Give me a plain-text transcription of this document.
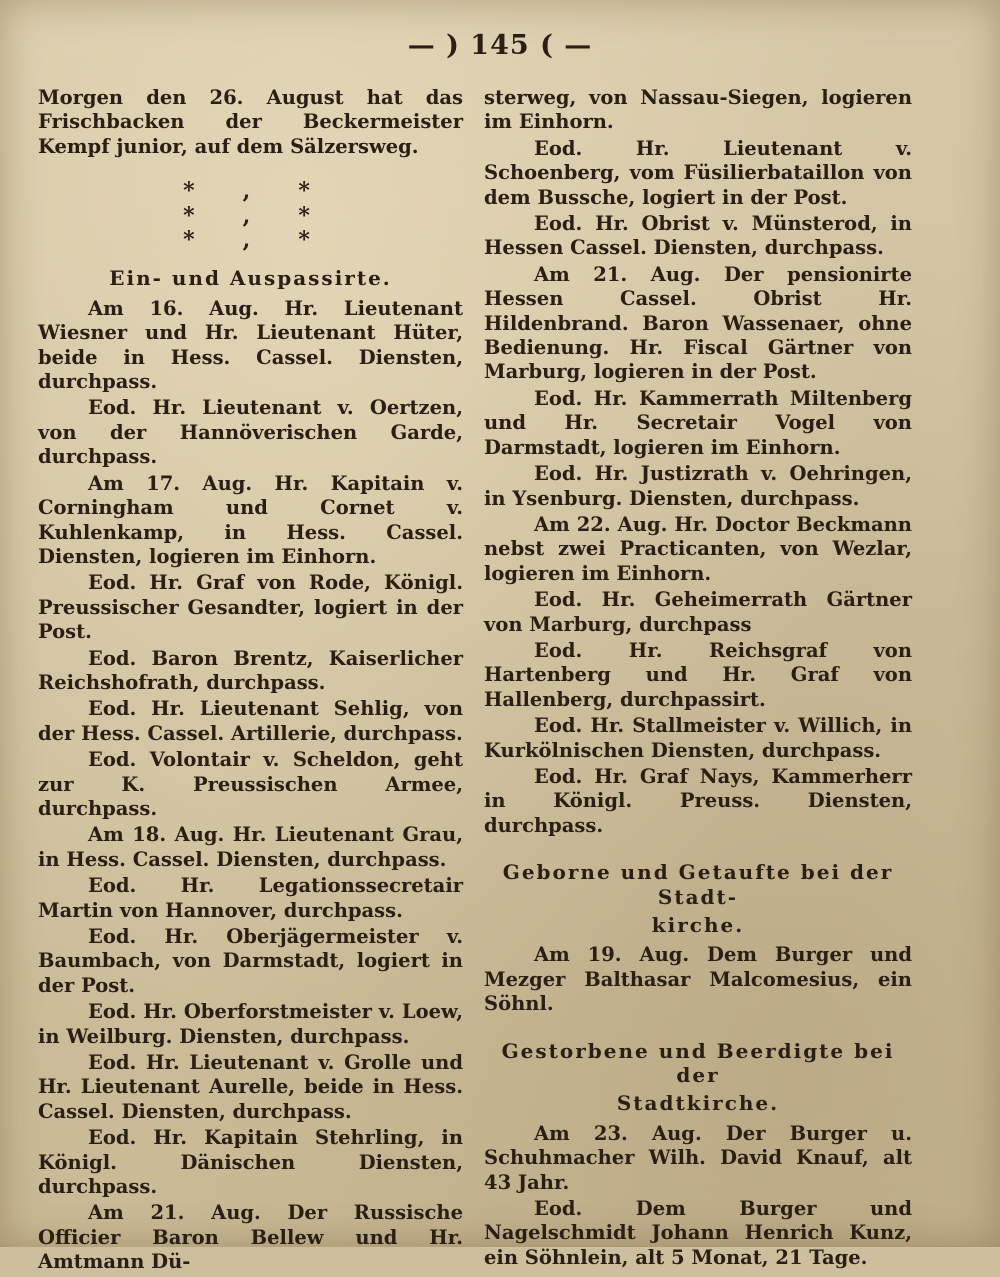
— ) 145 ( —

Morgen den 26. August hat das Frischbacken der Beckermeister Kempf junior, auf dem Sälzersweg.

*,* *,* *,*
Ein- und Auspassirte.

Am 16. Aug. Hr. Lieutenant Wiesner und Hr. Lieutenant Hüter, beide in Hess. Cassel. Diensten, durchpass.

Eod. Hr. Lieutenant v. Oertzen, von der Hannöverischen Garde, durchpass.

Am 17. Aug. Hr. Kapitain v. Corningham und Cornet v. Kuhlenkamp, in Hess. Cassel. Diensten, logieren im Einhorn.

Eod. Hr. Graf von Rode, Königl. Preussischer Gesandter, logiert in der Post.

Eod. Baron Brentz, Kaiserlicher Reichshofrath, durchpass.

Eod. Hr. Lieutenant Sehlig, von der Hess. Cassel. Artillerie, durchpass.

Eod. Volontair v. Scheldon, geht zur K. Preussischen Armee, durchpass.

Am 18. Aug. Hr. Lieutenant Grau, in Hess. Cassel. Diensten, durchpass.

Eod. Hr. Legationssecretair Martin von Hannover, durchpass.

Eod. Hr. Oberjägermeister v. Baumbach, von Darmstadt, logiert in der Post.

Eod. Hr. Oberforstmeister v. Loew, in Weilburg. Diensten, durchpass.

Eod. Hr. Lieutenant v. Grolle und Hr. Lieutenant Aurelle, beide in Hess. Cassel. Diensten, durchpass.

Eod. Hr. Kapitain Stehrling, in Königl. Dänischen Diensten, durchpass.

Am 21. Aug. Der Russische Officier Baron Bellew und Hr. Amtmann Dü-

sterweg, von Nassau-Siegen, logieren im Einhorn.

Eod. Hr. Lieutenant v. Schoenberg, vom Füsilierbataillon von dem Bussche, logiert in der Post.

Eod. Hr. Obrist v. Münsterod, in Hessen Cassel. Diensten, durchpass.

Am 21. Aug. Der pensionirte Hessen Cassel. Obrist Hr. Hildenbrand. Baron Wassenaer, ohne Bedienung. Hr. Fiscal Gärtner von Marburg, logieren in der Post.

Eod. Hr. Kammerrath Miltenberg und Hr. Secretair Vogel von Darmstadt, logieren im Einhorn.

Eod. Hr. Justizrath v. Oehringen, in Ysenburg. Diensten, durchpass.

Am 22. Aug. Hr. Doctor Beckmann nebst zwei Practicanten, von Wezlar, logieren im Einhorn.

Eod. Hr. Geheimerrath Gärtner von Marburg, durchpass

Eod. Hr. Reichsgraf von Hartenberg und Hr. Graf von Hallenberg, durchpassirt.

Eod. Hr. Stallmeister v. Willich, in Kurkölnischen Diensten, durchpass.

Eod. Hr. Graf Nays, Kammerherr in Königl. Preuss. Diensten, durchpass.

Geborne und Getaufte bei der Stadt-
kirche.

Am 19. Aug. Dem Burger und Mezger Balthasar Malcomesius, ein Söhnl.

Gestorbene und Beerdigte bei der
Stadtkirche.

Am 23. Aug. Der Burger u. Schuhmacher Wilh. David Knauf, alt 43 Jahr.

Eod. Dem Burger und Nagelschmidt Johann Henrich Kunz, ein Söhnlein, alt 5 Monat, 21 Tage.
